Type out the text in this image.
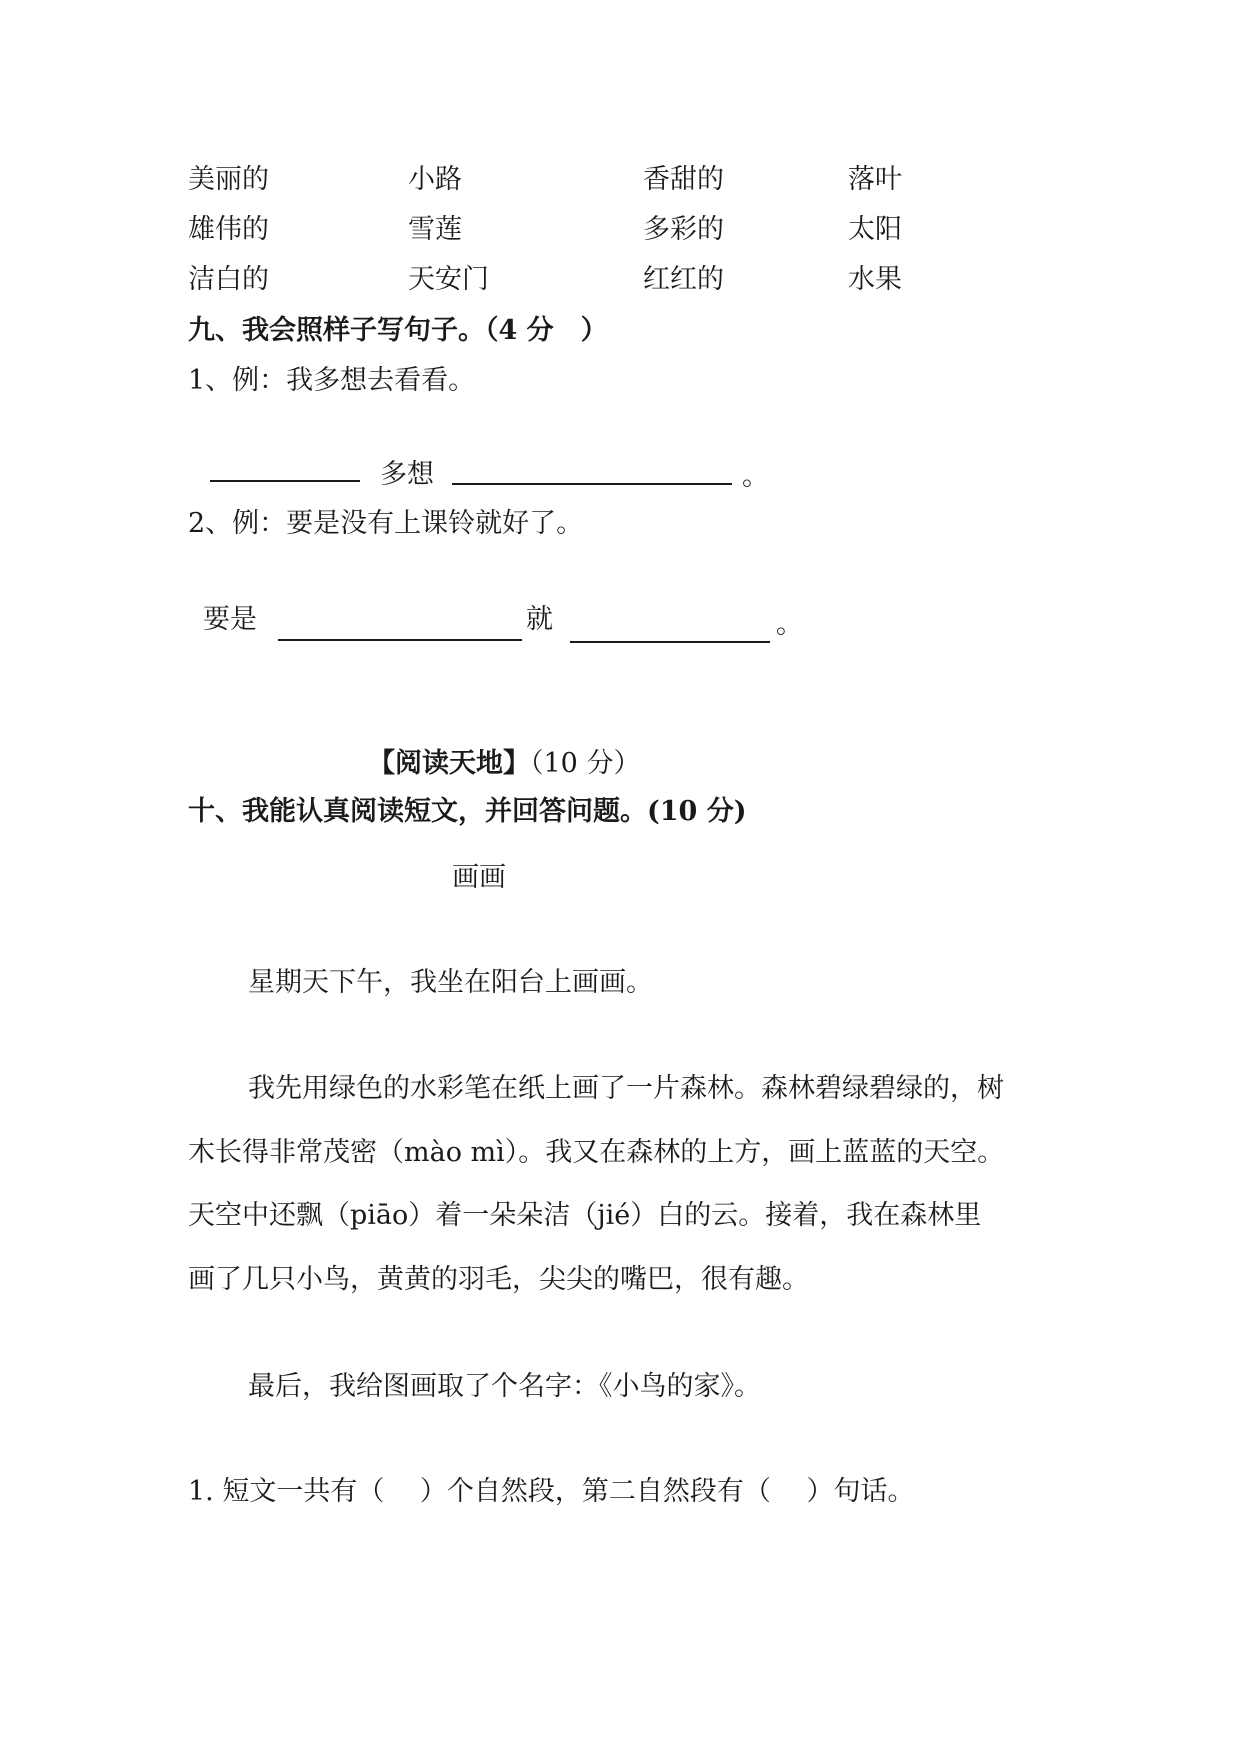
美丽的	小路	香甜的	落叶
雄伟的	雪莲	多彩的	太阳
洁白的	天安门	红红的	水果
九、我会照样子写句子。（4 分　）
1、例：我多想去看看。
多想	。
2、例：要是没有上课铃就好了。
要是	就	。
【阅读天地】（10 分）
十、我能认真阅读短文，并回答问题。(10 分)
画画
星期天下午，我坐在阳台上画画。
我先用绿色的水彩笔在纸上画了一片森林。森林碧绿碧绿的，树
木长得非常茂密（mào mì）。我又在森林的上方，画上蓝蓝的天空。
天空中还飘（piāo）着一朵朵洁（jié）白的云。接着，我在森林里
画了几只小鸟，黄黄的羽毛，尖尖的嘴巴，很有趣。
最后，我给图画取了个名字：《小鸟的家》。
1. 短文一共有（　 ）个自然段，第二自然段有（　 ）句话。
